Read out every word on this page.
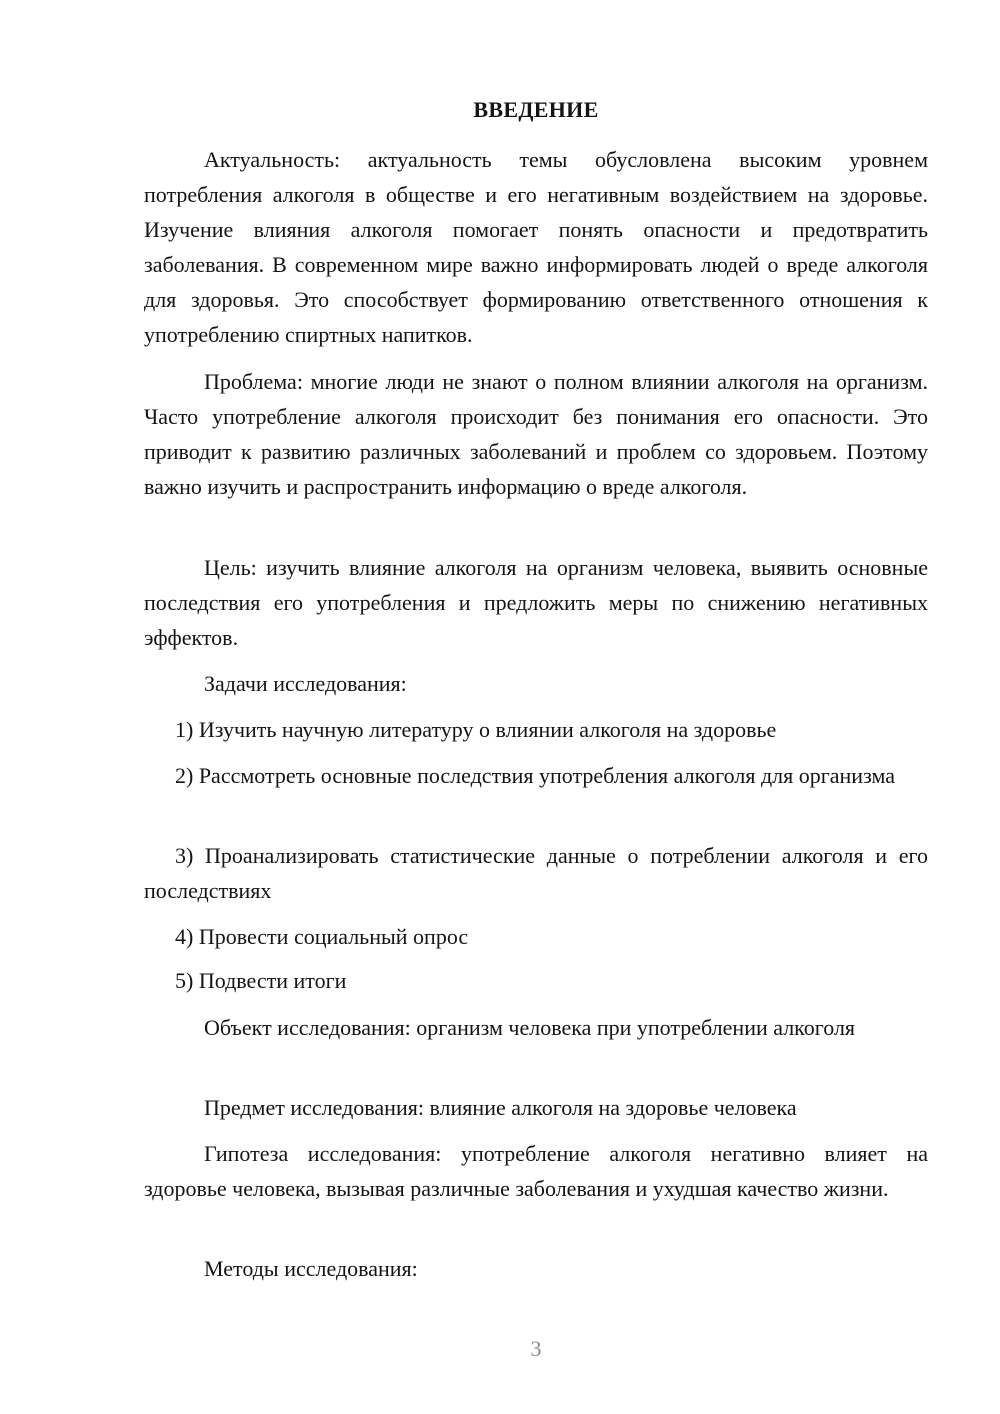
ВВЕДЕНИЕ

Актуальность: актуальность темы обусловлена высоким уровнем потребления алкоголя в обществе и его негативным воздействием на здоровье. Изучение влияния алкоголя помогает понять опасности и предотвратить заболевания. В современном мире важно информировать людей о вреде алкоголя для здоровья. Это способствует формированию ответственного отношения к употреблению спиртных напитков.

Проблема: многие люди не знают о полном влиянии алкоголя на организм. Часто употребление алкоголя происходит без понимания его опасности. Это приводит к развитию различных заболеваний и проблем со здоровьем. Поэтому важно изучить и распространить информацию о вреде алкоголя.

Цель: изучить влияние алкоголя на организм человека, выявить основные последствия его употребления и предложить меры по снижению негативных эффектов.

Задачи исследования:

1) Изучить научную литературу о влиянии алкоголя на здоровье

2) Рассмотреть основные последствия употребления алкоголя для организма

3) Проанализировать статистические данные о потреблении алкоголя и его последствиях

4) Провести социальный опрос

5) Подвести итоги

Объект исследования: организм человека при употреблении алкоголя

Предмет исследования: влияние алкоголя на здоровье человека

Гипотеза исследования: употребление алкоголя негативно влияет на здоровье человека, вызывая различные заболевания и ухудшая качество жизни.

Методы исследования:

3
